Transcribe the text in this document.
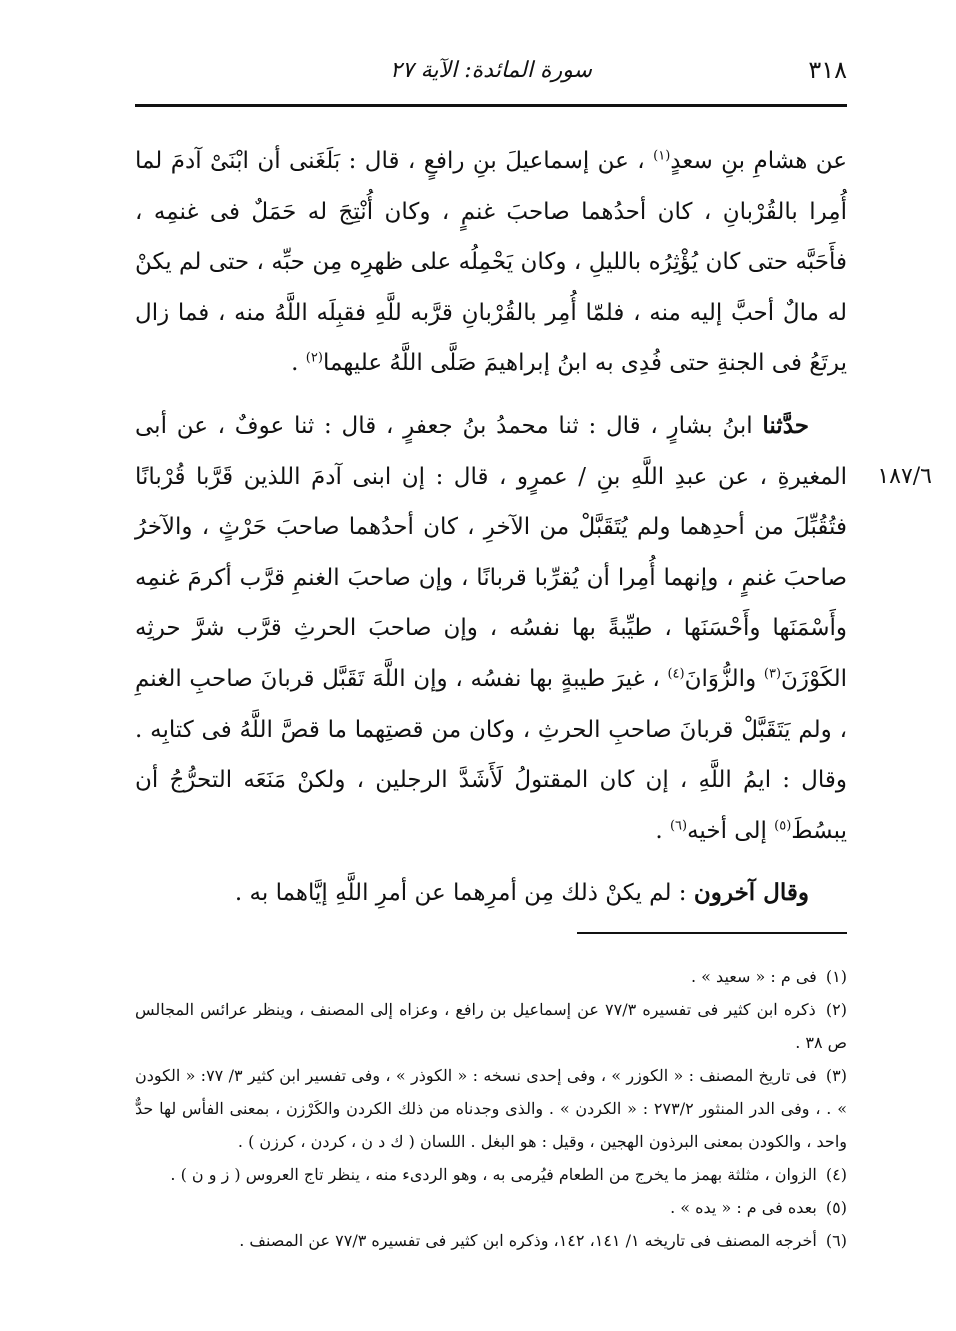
٣١٨
سورة المائدة: الآية ٢٧
١٨٧/٦

عن هشامِ بنِ سعدٍ$^{(١)}$ ، عن إسماعيلَ بنِ رافعٍ ، قال : بَلَغَنى أن ابْنَىْ آدمَ لما أُمِرا بالقُرْبانِ ، كان أحدُهما صاحبَ غنمٍ ، وكان أُنْتِجَ له حَمَلٌ فى غنمِه ، فأَحَبَّه حتى كان يُؤْثِرُه بالليلِ ، وكان يَحْمِلُه على ظهرِه مِن حبِّه ، حتى لم يكنْ له مالٌ أحبَّ إليه منه ، فلمّا أُمِر بالقُرْبانِ قرَّبه للَّهِ فقبِلَه اللَّهُ منه ، فما زال يرتَعُ فى الجنةِ حتى فُدِى به ابنُ إبراهيمَ صَلَّى اللَّهُ عليهما$^{(٢)}$ .

حدَّثنا ابنُ بشارٍ ، قال : ثنا محمدُ بنُ جعفرٍ ، قال : ثنا عوفٌ ، عن أبى المغيرةِ ، عن عبدِ اللَّهِ بنِ / عمرٍو ، قال : إن ابنى آدمَ اللذين قَرَّبا قُرْبانًا فتُقُبِّلَ من أحدِهما ولم يُتَقَبَّلْ من الآخرِ ، كان أحدُهما صاحبَ حَرْثٍ ، والآخرُ صاحبَ غنمٍ ، وإنهما أُمِرا أن يُقرِّبا قربانًا ، وإن صاحبَ الغنمِ قرَّب أكرمَ غنمِه وأَسْمَنَها وأَحْسَنَها ، طيِّبةً بها نفسُه ، وإن صاحبَ الحرثِ قرَّب شرَّ حرثِه الكَوْزَنَ$^{(٣)}$ والزُّوَانَ$^{(٤)}$ ، غيرَ طيبةٍ بها نفسُه ، وإن اللَّهَ تَقَبَّل قربانَ صاحبِ الغنمِ ، ولم يَتَقَبَّلْ قربانَ صاحبِ الحرثِ ، وكان من قصتِهما ما قصَّ اللَّهُ فى كتابِه . وقال : ايمُ اللَّهِ ، إن كان المقتولُ لَأَشَدَّ الرجلين ، ولكنْ مَنَعَه التحرُّجُ أن يبسُطَ$^{(٥)}$ إلى أخيه$^{(٦)}$ .

وقال آخرون : لم يكنْ ذلك مِن أمرِهما عن أمرِ اللَّهِ إيَّاهما به .

(١) فى م : « سعيد » .

(٢) ذكره ابن كثير فى تفسيره ٧٧/٣ عن إسماعيل بن رافع ، وعزاه إلى المصنف ، وينظر عرائس المجالس ص ٣٨ .

(٣) فى تاريخ المصنف : « الكوزر » ، وفى إحدى نسخه : « الكوذر » ، وفى تفسير ابن كثير ٣/ ٧٧: « الكودن » . ، وفى الدر المنثور ٢٧٣/٢ : « الكردن » . والذى وجدناه من ذلك الكردن والكَرْزن ، بمعنى الفأس لها حدٌّ واحد ، والكودن بمعنى البرذون الهجين ، وقيل : هو البغل . اللسان ( ك د ن ، كردن ، كرزن ) .

(٤) الزوان ، مثلثة بهمز ما يخرج من الطعام فيُرمى به ، وهو الردىء منه ، ينظر تاج العروس ( ز و ن ) .

(٥) بعده فى م : « يده » .

(٦) أخرجه المصنف فى تاريخه ١/ ١٤١، ١٤٢، وذكره ابن كثير فى تفسيره ٧٧/٣ عن المصنف .
